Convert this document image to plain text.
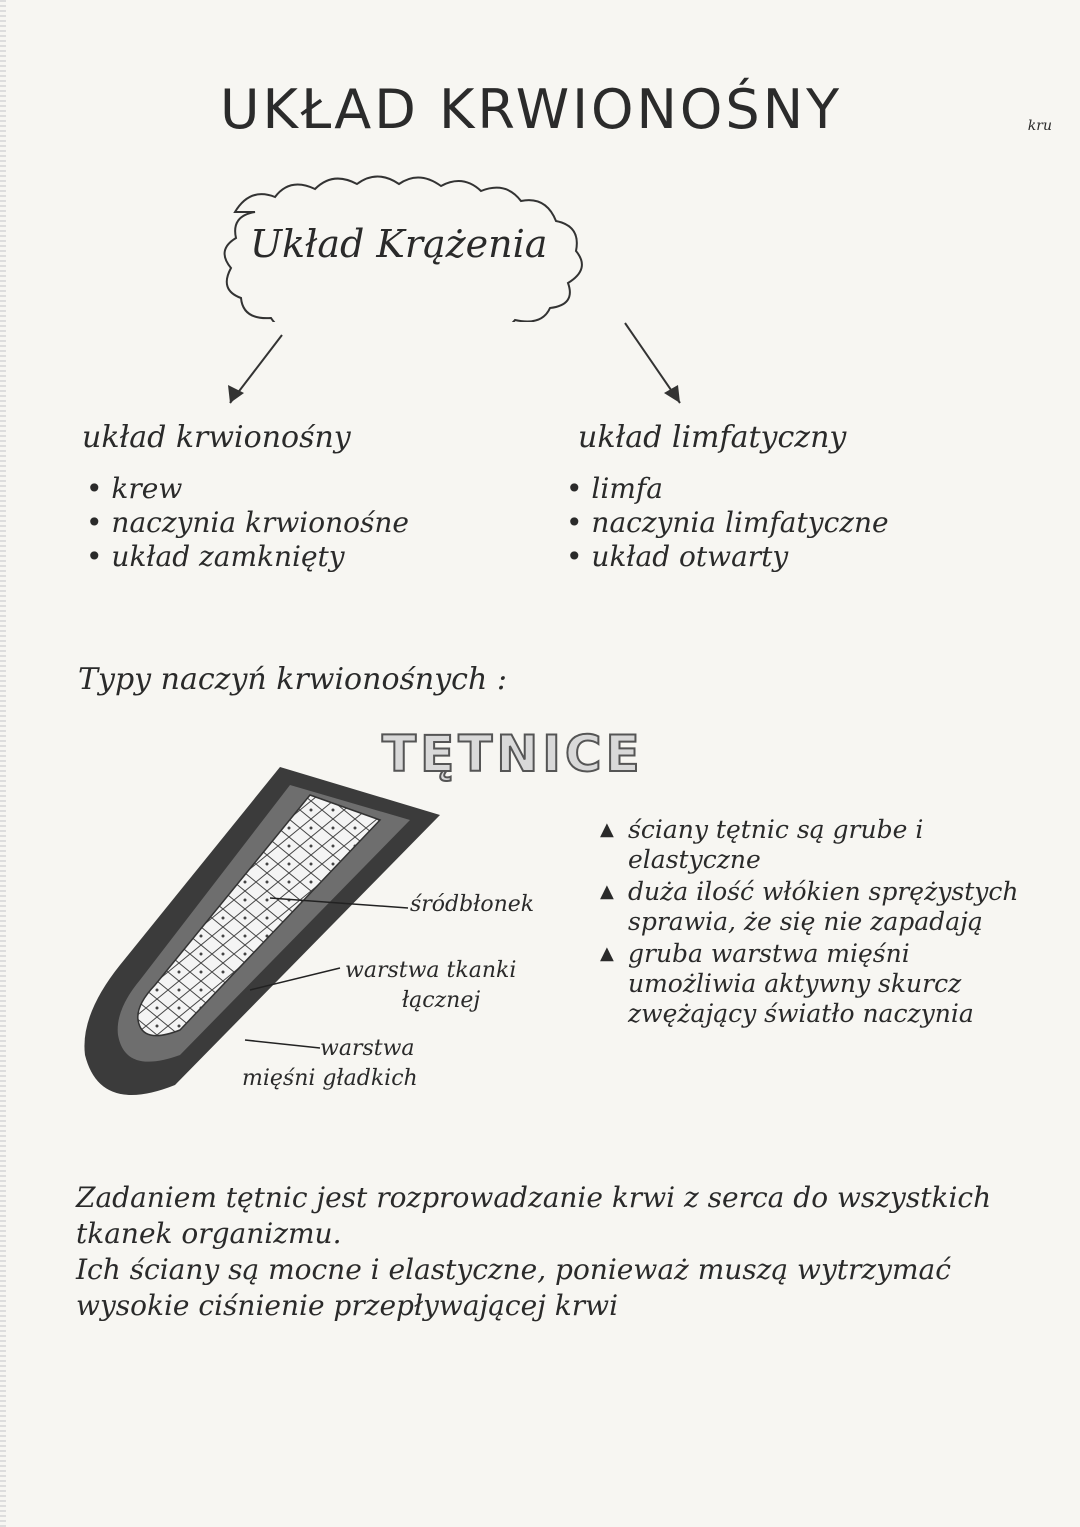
UKŁAD KRWIONOŚNY	kru
Układ Krążenia
układ krwionośny
• krew
• naczynia krwionośne
• układ zamknięty
układ limfatyczny
• limfa
• naczynia limfatyczne
• układ otwarty
Typy naczyń krwionośnych :
TĘTNICE
śródbłonek
warstwa tkanki
łącznej
warstwa
mięśni gładkich
▲ ściany tętnic są grube i elastyczne
▲ duża ilość włókien sprężystych sprawia, że się nie zapadają
▲ gruba warstwa mięśni umożliwia aktywny skurcz zwężający światło naczynia
Zadaniem tętnic jest rozprowadzanie krwi z serca do wszystkich tkanek organizmu.
Ich ściany są mocne i elastyczne, ponieważ muszą wytrzymać wysokie ciśnienie przepływającej krwi
